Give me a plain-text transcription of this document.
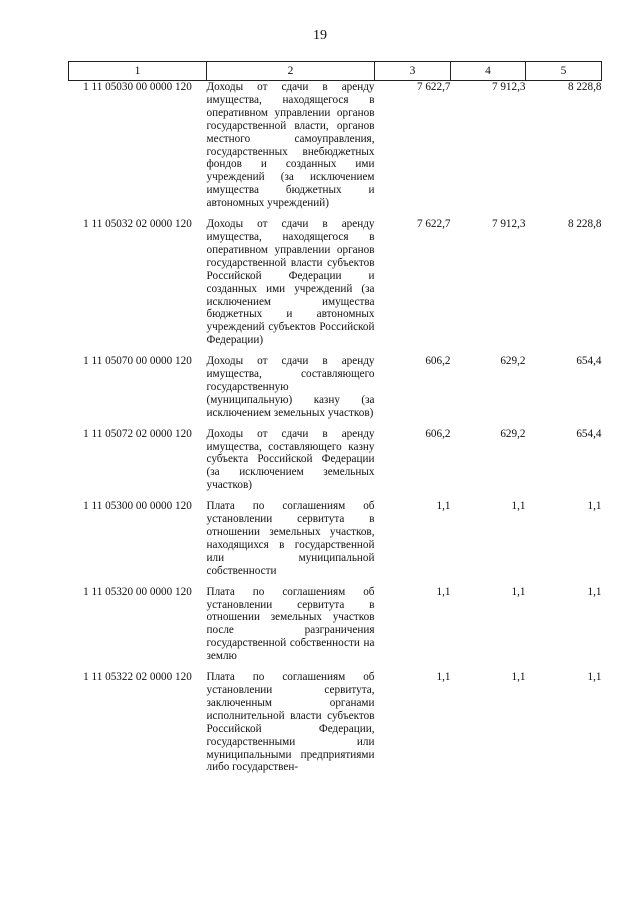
19
1	2	3	4	5
1 11 05030 00 0000 120	Доходы от сдачи в аренду имущества, находящегося в оперативном управлении органов государственной власти, органов местного самоуправления, государственных внебюджетных фондов и созданных ими учреждений (за исключением имущества бюджетных и автономных учреждений)	7 622,7	7 912,3	8 228,8
1 11 05032 02 0000 120	Доходы от сдачи в аренду имущества, находящегося в оперативном управлении органов государственной власти субъектов Российской Федерации и созданных ими учреждений (за исключением имущества бюджетных и автономных учреждений субъектов Российской Федерации)	7 622,7	7 912,3	8 228,8
1 11 05070 00 0000 120	Доходы от сдачи в аренду имущества, составляющего государственную (муниципальную) казну (за исключением земельных участков)	606,2	629,2	654,4
1 11 05072 02 0000 120	Доходы от сдачи в аренду имущества, составляющего казну субъекта Российской Федерации (за исключением земельных участков)	606,2	629,2	654,4
1 11 05300 00 0000 120	Плата по соглашениям об установлении сервитута в отношении земельных участков, находящихся в государственной или муниципальной собственности	1,1	1,1	1,1
1 11 05320 00 0000 120	Плата по соглашениям об установлении сервитута в отношении земельных участков после разграничения государственной собственности на землю	1,1	1,1	1,1
1 11 05322 02 0000 120	Плата по соглашениям об установлении сервитута, заключенным органами исполнительной власти субъектов Российской Федерации, государственными или муниципальными предприятиями либо государствен-	1,1	1,1	1,1
